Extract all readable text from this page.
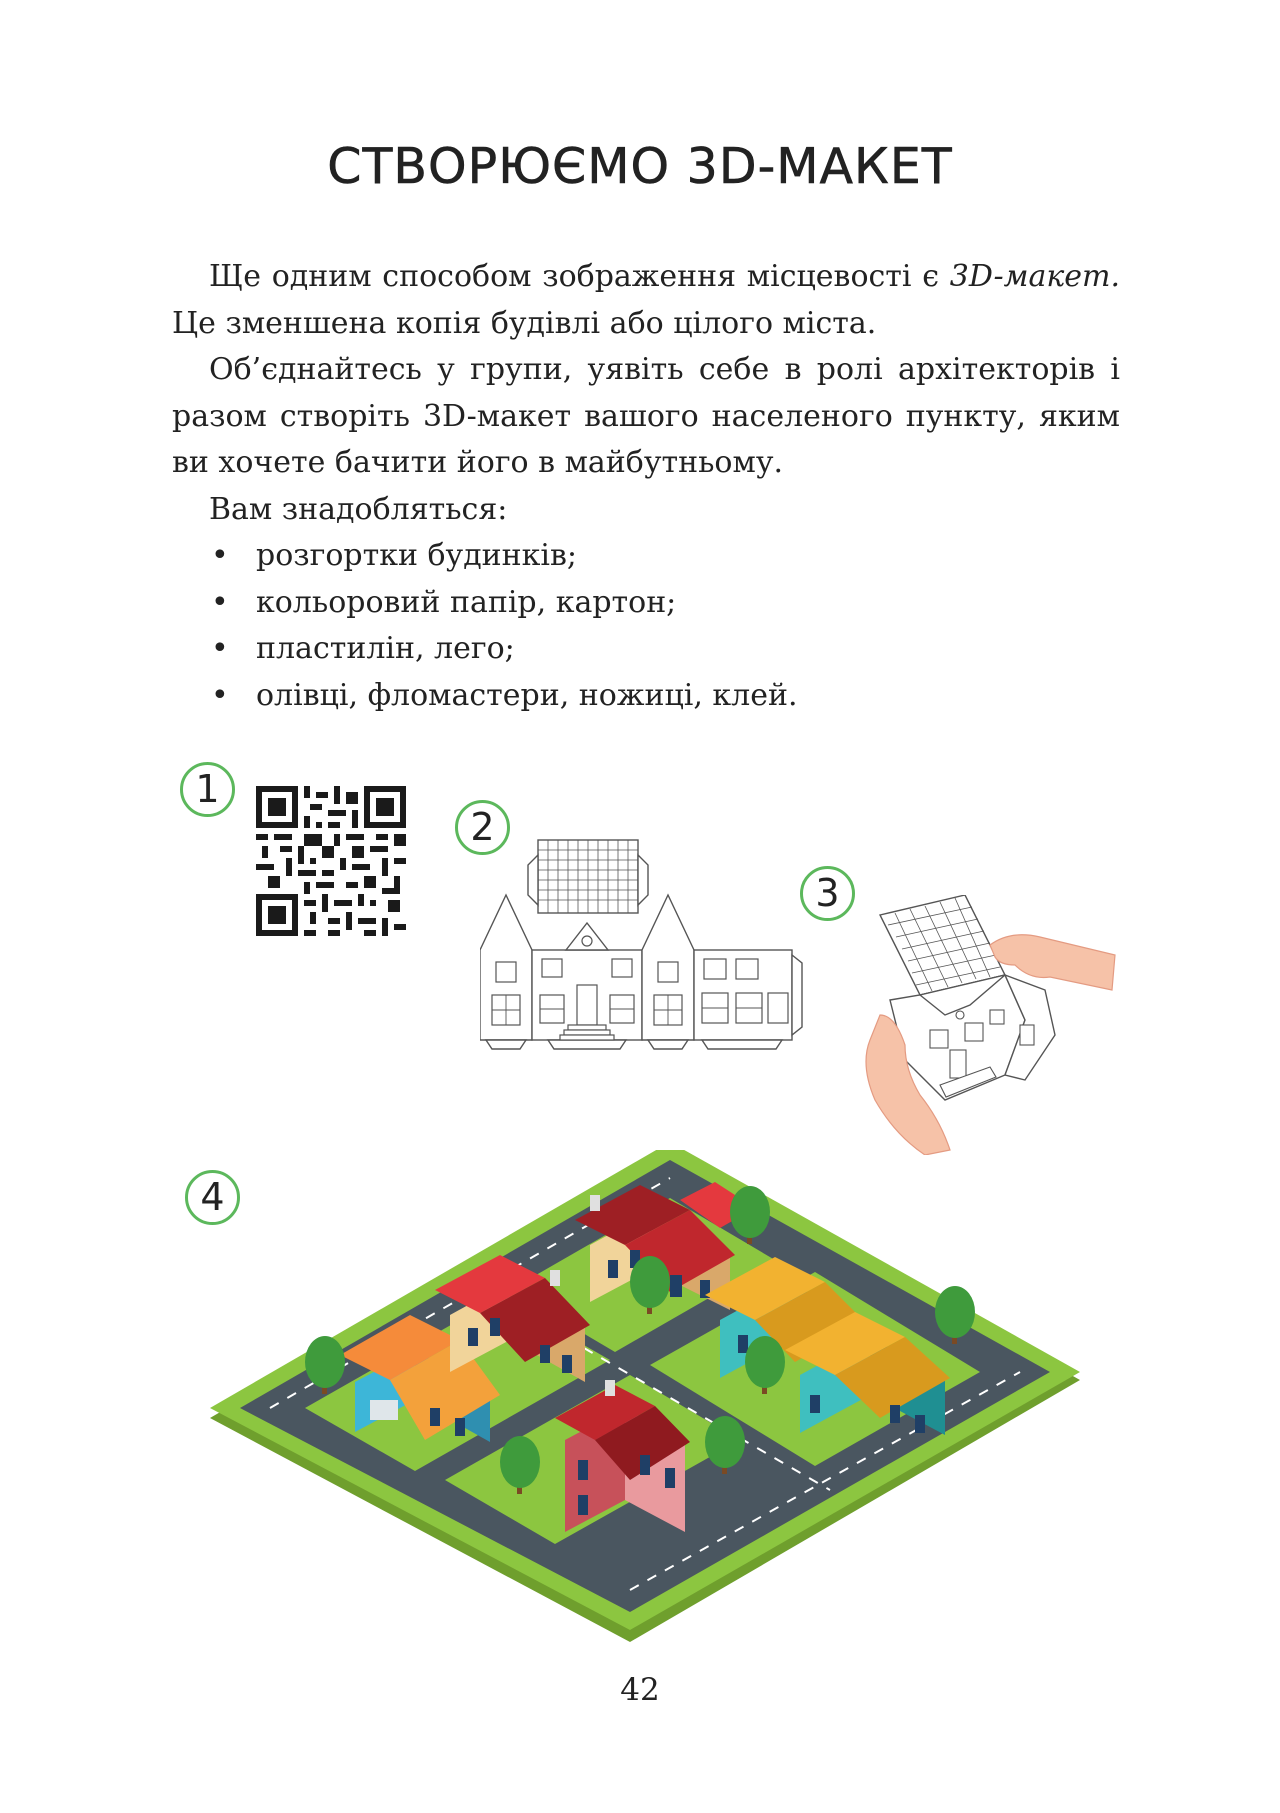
СТВОРЮЄМО 3D-МАКЕТ

Ще одним способом зображення місцевості є 3D-макет. Це зменшена копія будівлі або цілого міста.

Об’єднайтесь у групи, уявіть себе в ролі архітекторів і разом створіть 3D-макет вашого населеного пункту, яким ви хочете бачити його в майбутньому.

Вам знадобляться:

• розгортки будинків;
• кольоровий папір, картон;
• пластилін, лего;
• олівці, фломастери, ножиці, клей.
1
2
3
4
42
